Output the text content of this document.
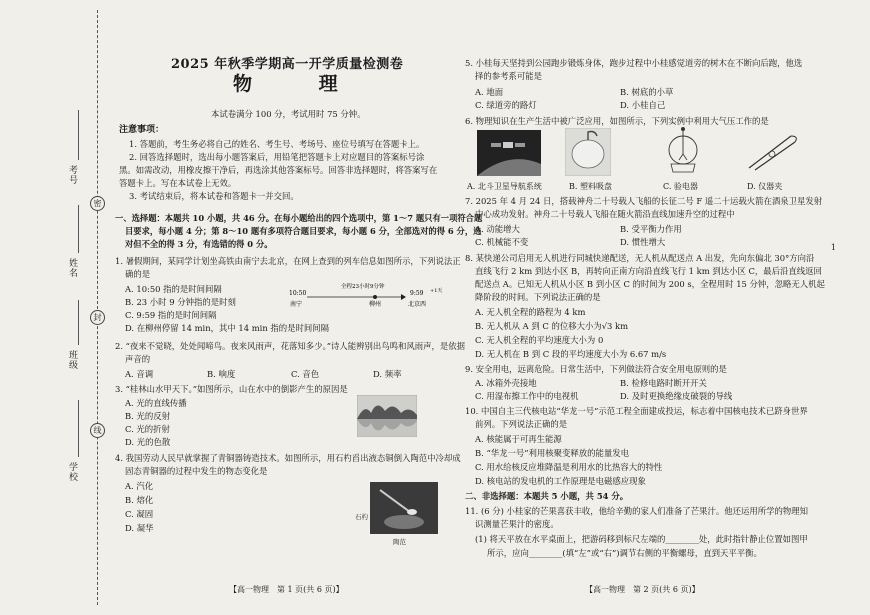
考号
姓名
班级
学校
密
封
线
2025 年秋季学期高一开学质量检测卷
物 理
本试卷满分 100 分，考试用时 75 分钟。
注意事项：
1. 答题前，考生务必将自己的姓名、考生号、考场号、座位号填写在答题卡上。
2. 回答选择题时，选出每小题答案后，用铅笔把答题卡上对应题目的答案标号涂
黑。如需改动，用橡皮擦干净后，再选涂其他答案标号。回答非选择题时，将答案写在
答题卡上。写在本试卷上无效。
3. 考试结束后，将本试卷和答题卡一并交回。
一、选择题：本题共 10 小题，共 46 分。在每小题给出的四个选项中，第 1～7 题只有一项符合题
目要求，每小题 4 分；第 8～10 题有多项符合题目要求，每小题 6 分，全部选对的得 6 分，选
对但不全的得 3 分，有选错的得 0 分。
1. 暑假期间，某同学计划坐高铁由南宁去北京，在网上查到的列车信息如图所示，下列说法正
确的是
A. 10:50 指的是时间间隔
B. 23 小时 9 分钟指的是时刻
C. 9:59 指的是时间间隔
D. 在柳州停留 14 min，其中 14 min 指的是时间间隔
10:50
南宁
全程23小时9分钟
柳州
9:59 +1天
北京西
2. “夜来不觉晓，处处闻啼鸟。夜来风雨声，花落知多少。”诗人能辨别出鸟鸣和风雨声，是依据
声音的
A. 音调	B. 响度	C. 音色	D. 频率
3. “桂林山水甲天下。”如图所示，山在水中的倒影产生的原因是
A. 光的直线传播
B. 光的反射
C. 光的折射
D. 光的色散
4. 我国劳动人民早就掌握了青铜器铸造技术。如图所示，用石杓舀出液态铜倒入陶范中冷却成
固态青铜器的过程中发生的物态变化是
A. 汽化
B. 熔化
C. 凝固
D. 凝华
石杓
陶范
【高一物理　第 1 页(共 6 页)】
5. 小桂每天坚持到公园跑步锻炼身体，跑步过程中小桂感觉道旁的树木在不断向后跑，他选
择的参考系可能是
A. 地面	B. 树底的小草
C. 绿道旁的路灯	D. 小桂自己
6. 物理知识在生产生活中被广泛应用，如图所示，下列实例中利用大气压工作的是
A. 北斗卫星导航系统	B. 塑料吸盘	C. 验电器	D. 仪器夹
7. 2025 年 4 月 24 日，搭载神舟二十号载人飞船的长征二号 F 遥二十运载火箭在酒泉卫星发射
中心成功发射。神舟二十号载人飞船在随火箭沿直线加速升空的过程中
A. 动能增大	B. 受平衡力作用
C. 机械能不变	D. 惯性增大
8. 某快递公司启用无人机进行同城快递配送，无人机从配送点 A 出发，先向东偏北 30°方向沿
直线飞行 2 km 到达小区 B，再转向正南方向沿直线飞行 1 km 到达小区 C，最后沿直线返回
配送点 A。已知无人机从小区 B 到小区 C 的时间为 200 s，全程用时 15 分钟，忽略无人机起
降阶段的时间。下列说法正确的是
A. 无人机全程的路程为 4 km
B. 无人机从 A 到 C 的位移大小为√3 km
C. 无人机全程的平均速度大小为 0
D. 无人机在 B 到 C 段的平均速度大小为 6.67 m/s
9. 安全用电，远离危险。日常生活中，下列做法符合安全用电原则的是
A. 冰箱外壳接地	B. 检修电路时断开开关
C. 用湿布擦工作中的电视机	D. 及时更换绝缘皮破裂的导线
10. 中国自主三代核电站“华龙一号”示范工程全面建成投运，标志着中国核电技术已跻身世界
前列。下列说法正确的是
A. 核能属于可再生能源
B. “华龙一号”利用核聚变释放的能量发电
C. 用水给核反应堆降温是利用水的比热容大的特性
D. 核电站的发电机的工作原理是电磁感应现象
二、非选择题：本题共 5 小题，共 54 分。
11. (6 分) 小桂家的芒果喜获丰收，他给辛勤的家人们准备了芒果汁。他还运用所学的物理知
识测量芒果汁的密度。
(1) 将天平放在水平桌面上，把游码移到标尺左端的________处，此时指针静止位置如图甲
所示，应向________(填“左”或“右”)调节右侧的平衡螺母，直到天平平衡。
【高一物理　第 2 页(共 6 页)】
1
